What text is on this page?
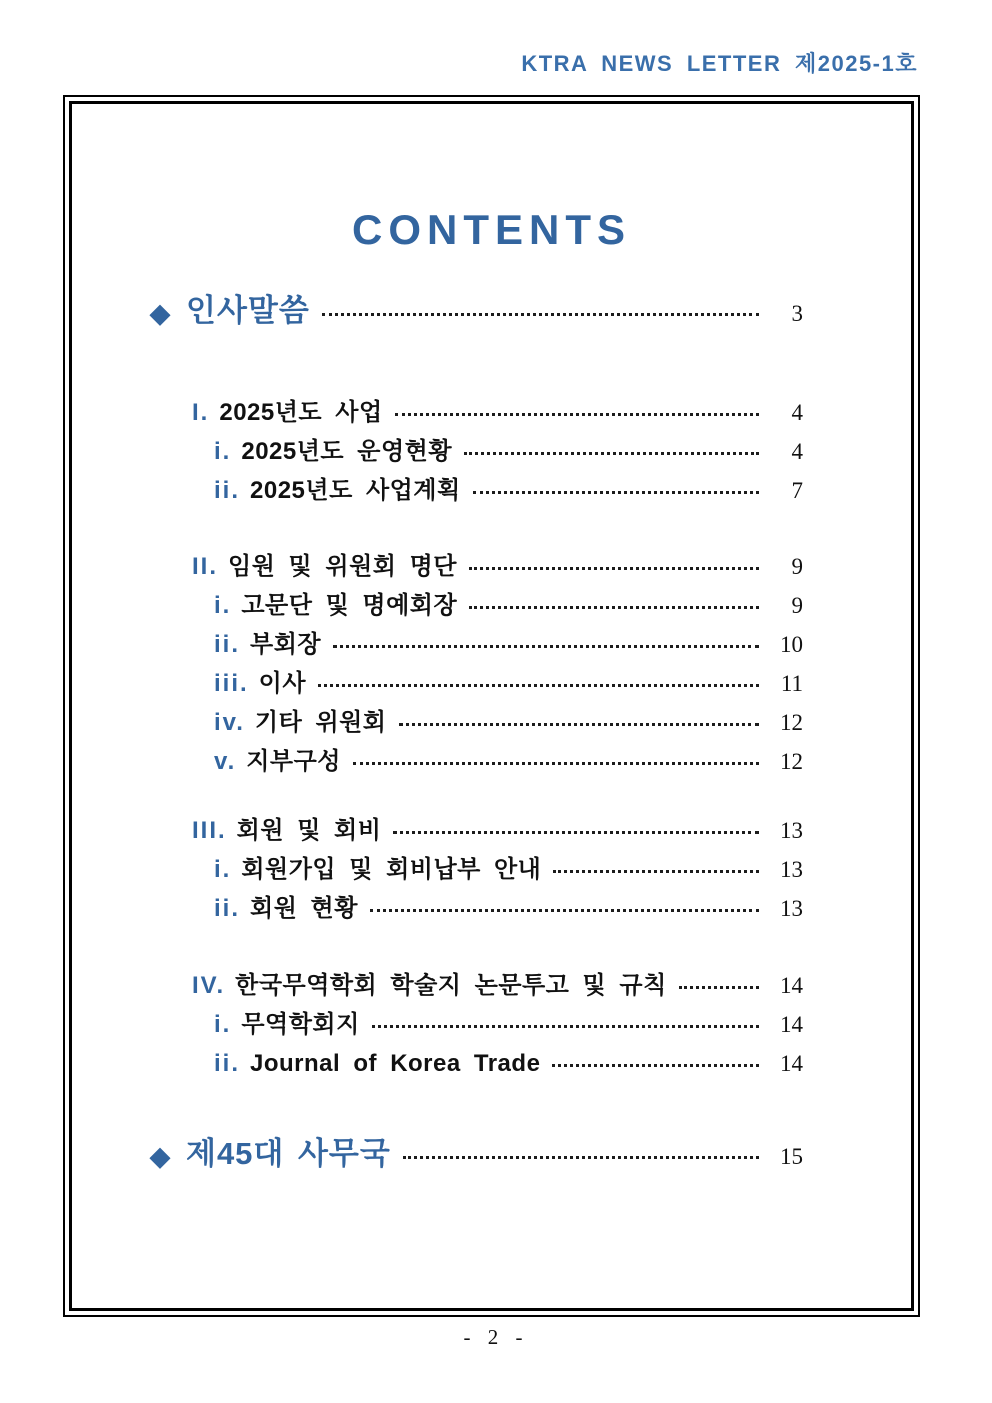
KTRA NEWS LETTER 제2025-1호
CONTENTS
◆ 인사말씀	3
I. 2025년도 사업	4
i. 2025년도 운영현황	4
ii. 2025년도 사업계획	7
II. 임원 및 위원회 명단	9
i. 고문단 및 명예회장	9
ii. 부회장	10
iii. 이사	11
iv. 기타 위원회	12
v. 지부구성	12
III. 회원 및 회비	13
i. 회원가입 및 회비납부 안내	13
ii. 회원 현황	13
IV. 한국무역학회 학술지 논문투고 및 규칙	14
i. 무역학회지	14
ii. Journal of Korea Trade	14
◆ 제45대 사무국	15
- 2 -
